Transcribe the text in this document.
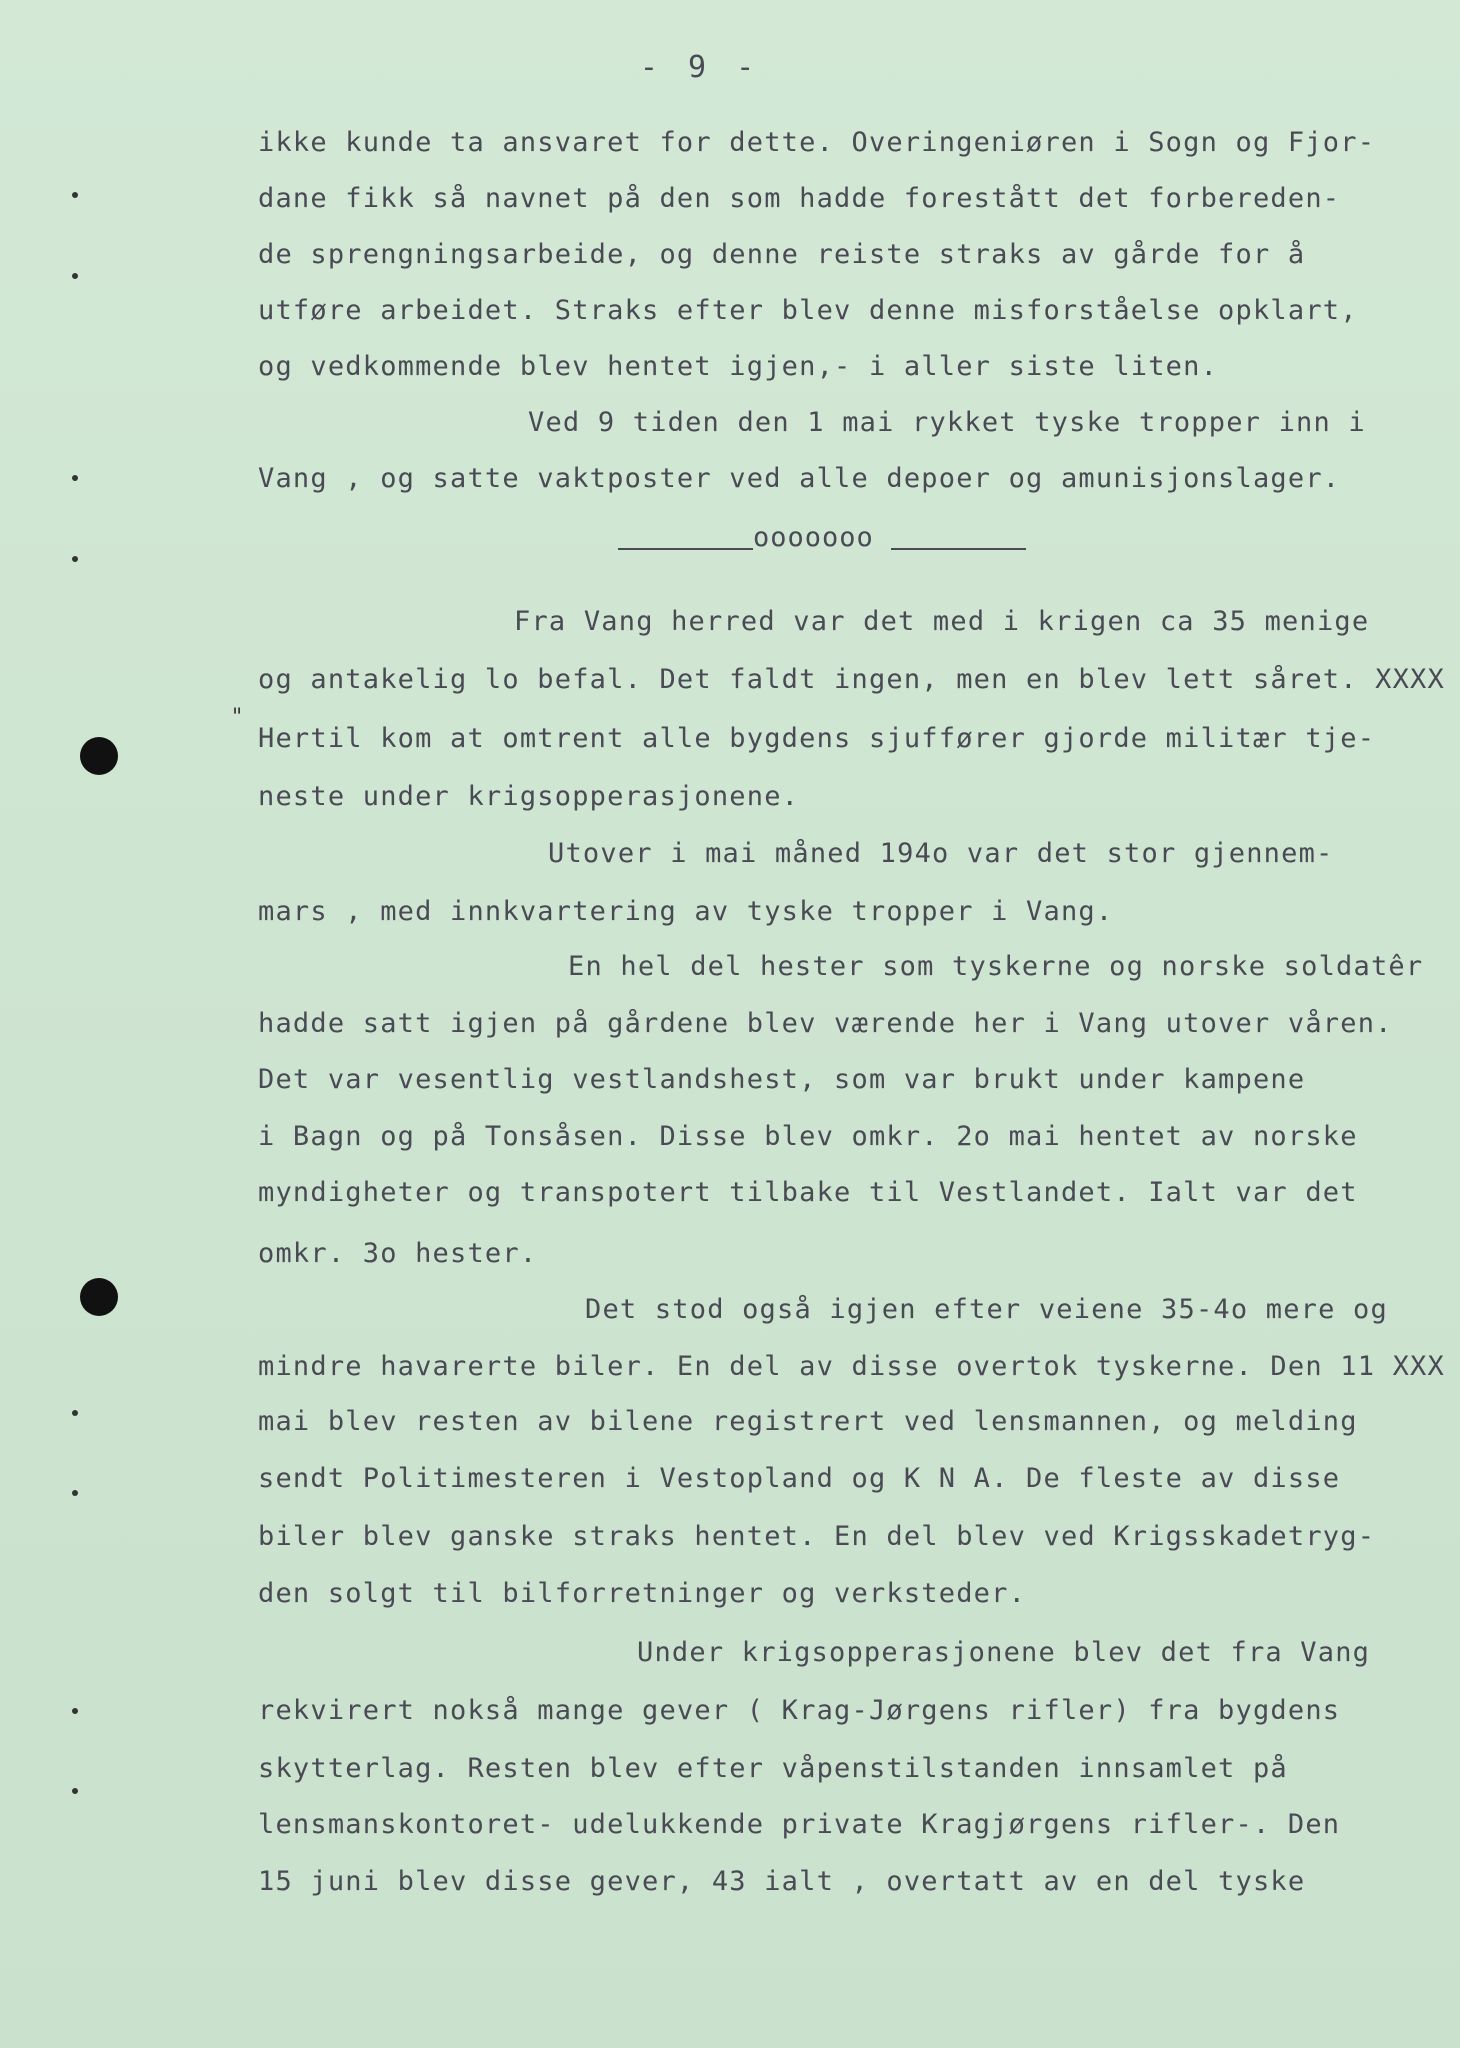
- 9 -
"
ikke kunde ta ansvaret for dette. Overingeniøren i Sogn og Fjor-
dane fikk så navnet på den som hadde forestått det forbereden-
de sprengningsarbeide, og denne reiste straks av gårde for å
utføre arbeidet. Straks efter blev denne misforståelse opklart,
og vedkommende blev hentet igjen,- i aller siste liten.
Ved 9 tiden den 1 mai rykket tyske tropper inn i
Vang , og satte vaktposter ved alle depoer og amunisjonslager.
ooooooo
Fra Vang herred var det med i krigen ca 35 menige
og antakelig lo befal. Det faldt ingen, men en blev lett såret. XXXX
Hertil kom at omtrent alle bygdens sjuffører gjorde militær tje-
neste under krigsopperasjonene.
Utover i mai måned 194o var det stor gjennem-
mars , med innkvartering av tyske tropper i Vang.
En hel del hester som tyskerne og norske soldatêr
hadde satt igjen på gårdene blev værende her i Vang utover våren.
Det var vesentlig vestlandshest, som var brukt under kampene
i Bagn og på Tonsåsen. Disse blev omkr. 2o mai hentet av norske
myndigheter og transpotert tilbake til Vestlandet. Ialt var det
omkr. 3o hester.
Det stod også igjen efter veiene 35-4o mere og
mindre havarerte biler. En del av disse overtok tyskerne. Den 11 XXX
mai blev resten av bilene registrert ved lensmannen, og melding
sendt Politimesteren i Vestopland og K N A. De fleste av disse
biler blev ganske straks hentet. En del blev ved Krigsskadetryg-
den solgt til bilforretninger og verksteder.
Under krigsopperasjonene blev det fra Vang
rekvirert nokså mange gever ( Krag-Jørgens rifler) fra bygdens
skytterlag. Resten blev efter våpenstilstanden innsamlet på
lensmanskontoret- udelukkende private Kragjørgens rifler-. Den
15 juni blev disse gever, 43 ialt , overtatt av en del tyske
